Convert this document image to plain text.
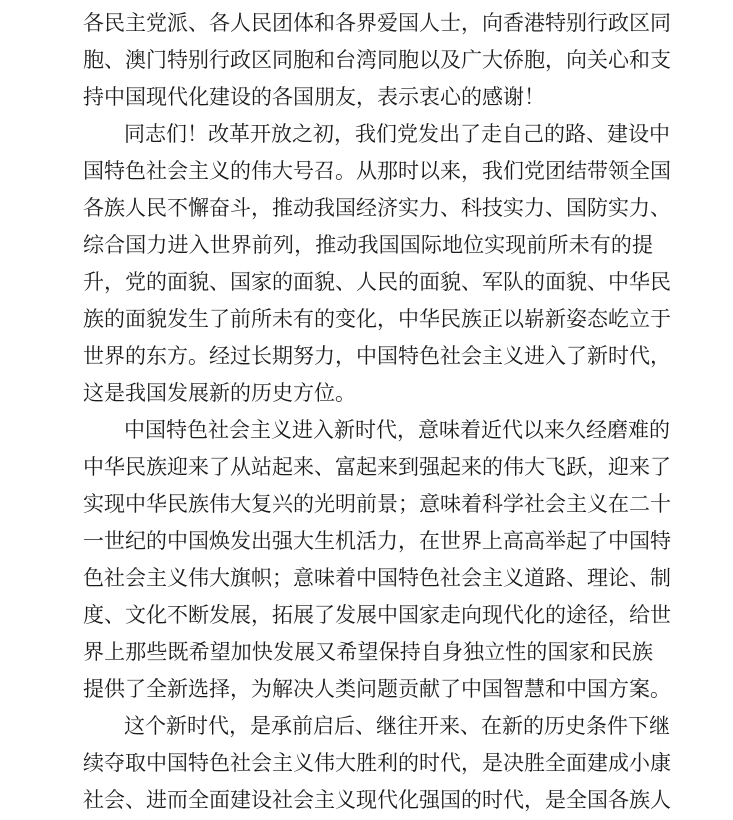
各民主党派、各人民团体和各界爱国人士，向香港特别行政区同
胞、澳门特别行政区同胞和台湾同胞以及广大侨胞，向关心和支
持中国现代化建设的各国朋友，表示衷心的感谢！
同志们！改革开放之初，我们党发出了走自己的路、建设中
国特色社会主义的伟大号召。从那时以来，我们党团结带领全国
各族人民不懈奋斗，推动我国经济实力、科技实力、国防实力、
综合国力进入世界前列，推动我国国际地位实现前所未有的提
升，党的面貌、国家的面貌、人民的面貌、军队的面貌、中华民
族的面貌发生了前所未有的变化，中华民族正以崭新姿态屹立于
世界的东方。经过长期努力，中国特色社会主义进入了新时代，
这是我国发展新的历史方位。
中国特色社会主义进入新时代，意味着近代以来久经磨难的
中华民族迎来了从站起来、富起来到强起来的伟大飞跃，迎来了
实现中华民族伟大复兴的光明前景；意味着科学社会主义在二十
一世纪的中国焕发出强大生机活力，在世界上高高举起了中国特
色社会主义伟大旗帜；意味着中国特色社会主义道路、理论、制
度、文化不断发展，拓展了发展中国家走向现代化的途径，给世
界上那些既希望加快发展又希望保持自身独立性的国家和民族
提供了全新选择，为解决人类问题贡献了中国智慧和中国方案。
这个新时代，是承前启后、继往开来、在新的历史条件下继
续夺取中国特色社会主义伟大胜利的时代，是决胜全面建成小康
社会、进而全面建设社会主义现代化强国的时代，是全国各族人
